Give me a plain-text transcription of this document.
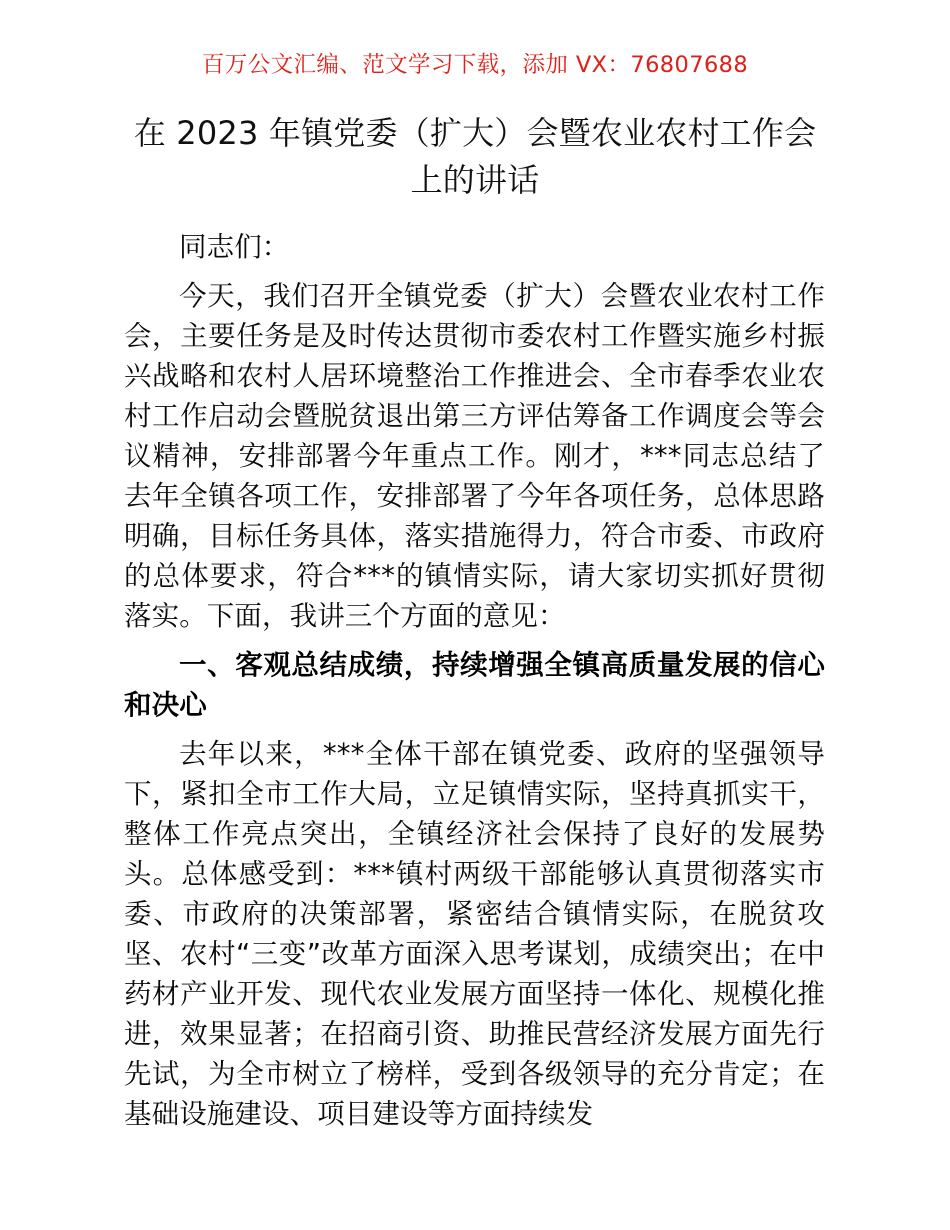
百万公文汇编、范文学习下载，添加 VX：76807688
在 2023 年镇党委（扩大）会暨农业农村工作会上的讲话

同志们：

今天，我们召开全镇党委（扩大）会暨农业农村工作会，主要任务是及时传达贯彻市委农村工作暨实施乡村振兴战略和农村人居环境整治工作推进会、全市春季农业农村工作启动会暨脱贫退出第三方评估筹备工作调度会等会议精神，安排部署今年重点工作。刚才，***同志总结了去年全镇各项工作，安排部署了今年各项任务，总体思路明确，目标任务具体，落实措施得力，符合市委、市政府的总体要求，符合***的镇情实际，请大家切实抓好贯彻落实。下面，我讲三个方面的意见：

一、客观总结成绩，持续增强全镇高质量发展的信心和决心

去年以来，***全体干部在镇党委、政府的坚强领导下，紧扣全市工作大局，立足镇情实际，坚持真抓实干，整体工作亮点突出，全镇经济社会保持了良好的发展势头。总体感受到：***镇村两级干部能够认真贯彻落实市委、市政府的决策部署，紧密结合镇情实际，在脱贫攻坚、农村“三变”改革方面深入思考谋划，成绩突出；在中药材产业开发、现代农业发展方面坚持一体化、规模化推进，效果显著；在招商引资、助推民营经济发展方面先行先试，为全市树立了榜样，受到各级领导的充分肯定；在基础设施建设、项目建设等方面持续发
